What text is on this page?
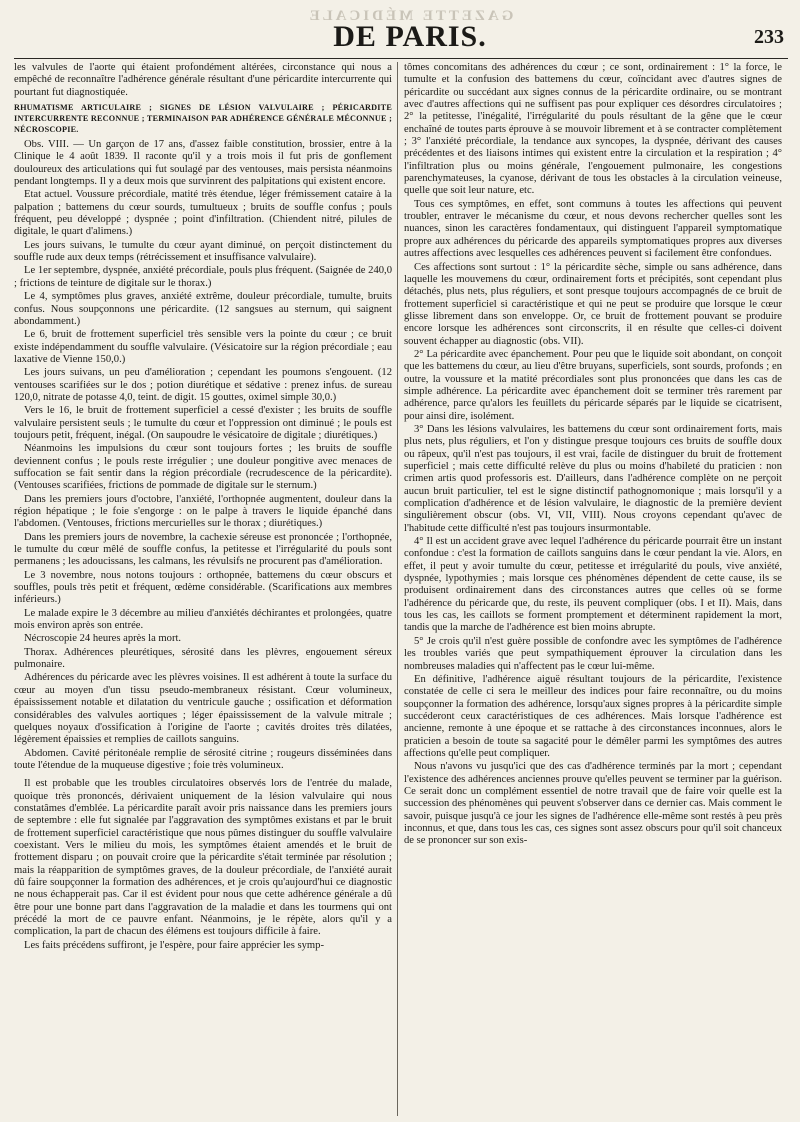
GAZETTE MÉDICALE
DE PARIS.	233

les valvules de l'aorte qui étaient profondément altérées, circonstance qui nous a empêché de reconnaître l'adhérence générale résultant d'une péricardite intercurrente qui pourtant fut diagnostiquée.

RHUMATISME ARTICULAIRE ; SIGNES DE LÉSION VALVULAIRE ; PÉRICARDITE INTERCURRENTE RECONNUE ; TERMINAISON PAR ADHÉRENCE GÉNÉRALE MÉCONNUE ; NÉCROSCOPIE.

Obs. VIII. — Un garçon de 17 ans, d'assez faible constitution, brossier, entre à la Clinique le 4 août 1839. Il raconte qu'il y a trois mois il fut pris de gonflement douloureux des articulations qui fut soulagé par des ventouses, mais persista néanmoins pendant longtemps. Il y a deux mois que survinrent des palpitations qui existent encore.

Etat actuel. Voussure précordiale, matité très étendue, léger frémissement cataire à la palpation ; battemens du cœur sourds, tumultueux ; bruits de souffle confus ; pouls fréquent, peu développé ; dyspnée ; point d'infiltration. (Chiendent nitré, pilules de digitale, le quart d'alimens.)

Les jours suivans, le tumulte du cœur ayant diminué, on perçoit distinctement du souffle rude aux deux temps (rétrécissement et insuffisance valvulaire).

Le 1er septembre, dyspnée, anxiété précordiale, pouls plus fréquent. (Saignée de 240,0 ; frictions de teinture de digitale sur le thorax.)

Le 4, symptômes plus graves, anxiété extrême, douleur précordiale, tumulte, bruits confus. Nous soupçonnons une péricardite. (12 sangsues au sternum, qui saignent abondamment.)

Le 6, bruit de frottement superficiel très sensible vers la pointe du cœur ; ce bruit existe indépendamment du souffle valvulaire. (Vésicatoire sur la région précordiale ; eau laxative de Vienne 150,0.)

Les jours suivans, un peu d'amélioration ; cependant les poumons s'engouent. (12 ventouses scarifiées sur le dos ; potion diurétique et sédative : prenez infus. de sureau 120,0, nitrate de potasse 4,0, teint. de digit. 15 gouttes, oximel simple 30,0.)

Vers le 16, le bruit de frottement superficiel a cessé d'exister ; les bruits de souffle valvulaire persistent seuls ; le tumulte du cœur et l'oppression ont diminué ; le pouls est toujours petit, fréquent, inégal. (On saupoudre le vésicatoire de digitale ; diurétiques.)

Néanmoins les impulsions du cœur sont toujours fortes ; les bruits de souffle deviennent confus ; le pouls reste irrégulier ; une douleur pongitive avec menaces de suffocation se fait sentir dans la région précordiale (recrudescence de la péricardite). (Ventouses scarifiées, frictions de pommade de digitale sur le sternum.)

Dans les premiers jours d'octobre, l'anxiété, l'orthopnée augmentent, douleur dans la région hépatique ; le foie s'engorge : on le palpe à travers le liquide épanché dans l'abdomen. (Ventouses, frictions mercurielles sur le thorax ; diurétiques.)

Dans les premiers jours de novembre, la cachexie séreuse est prononcée ; l'orthopnée, le tumulte du cœur mêlé de souffle confus, la petitesse et l'irrégularité du pouls sont permanens ; les adoucissans, les calmans, les révulsifs ne procurent pas d'amélioration.

Le 3 novembre, nous notons toujours : orthopnée, battemens du cœur obscurs et souffles, pouls très petit et fréquent, œdème considérable. (Scarifications aux membres inférieurs.)

Le malade expire le 3 décembre au milieu d'anxiétés déchirantes et prolongées, quatre mois environ après son entrée.

Nécroscopie 24 heures après la mort.

Thorax. Adhérences pleurétiques, sérosité dans les plèvres, engouement séreux pulmonaire.

Adhérences du péricarde avec les plèvres voisines. Il est adhérent à toute la surface du cœur au moyen d'un tissu pseudo-membraneux résistant. Cœur volumineux, épaississement notable et dilatation du ventricule gauche ; ossification et déformation considérables des valvules aortiques ; léger épaississement de la valvule mitrale ; quelques noyaux d'ossification à l'origine de l'aorte ; cavités droites très dilatées, légèrement épaissies et remplies de caillots sanguins.

Abdomen. Cavité péritonéale remplie de sérosité citrine ; rougeurs disséminées dans toute l'étendue de la muqueuse digestive ; foie très volumineux.

Il est probable que les troubles circulatoires observés lors de l'entrée du malade, quoique très prononcés, dérivaient uniquement de la lésion valvulaire qui nous constatâmes d'emblée. La péricardite paraît avoir pris naissance dans les premiers jours de septembre : elle fut signalée par l'aggravation des symptômes existans et par le bruit de frottement superficiel caractéristique que nous pûmes distinguer du souffle valvulaire coexistant. Vers le milieu du mois, les symptômes étaient amendés et le bruit de frottement disparu ; on pouvait croire que la péricardite s'était terminée par résolution ; mais la réapparition de symptômes graves, de la douleur précordiale, de l'anxiété aurait dû faire soupçonner la formation des adhérences, et je crois qu'aujourd'hui ce diagnostic ne nous échapperait pas. Car il est évident pour nous que cette adhérence générale a dû être pour une bonne part dans l'aggravation de la maladie et dans les tourmens qui ont précédé la mort de ce pauvre enfant. Néanmoins, je le répète, alors qu'il y a complication, la part de chacun des élémens est toujours difficile à faire.

Les faits précédens suffiront, je l'espère, pour faire apprécier les symp-

tômes concomitans des adhérences du cœur ; ce sont, ordinairement : 1° la force, le tumulte et la confusion des battemens du cœur, coïncidant avec d'autres signes de péricardite ou succédant aux signes connus de la péricardite ordinaire, ou se montrant avec d'autres affections qui ne suffisent pas pour expliquer ces désordres circulatoires ; 2° la petitesse, l'inégalité, l'irrégularité du pouls résultant de la gêne que le cœur enchaîné de toutes parts éprouve à se mouvoir librement et à se contracter complètement ; 3° l'anxiété précordiale, la tendance aux syncopes, la dyspnée, dérivant des causes précédentes et des liaisons intimes qui existent entre la circulation et la respiration ; 4° l'infiltration plus ou moins générale, l'engouement pulmonaire, les congestions parenchymateuses, la cyanose, dérivant de tous les obstacles à la circulation veineuse, quelle que soit leur nature, etc.

Tous ces symptômes, en effet, sont communs à toutes les affections qui peuvent troubler, entraver le mécanisme du cœur, et nous devons rechercher quelles sont les nuances, sinon les caractères fondamentaux, qui distinguent l'appareil symptomatique propre aux adhérences du péricarde des appareils symptomatiques propres aux diverses autres affections avec lesquelles ces adhérences peuvent si facilement être confondues.

Ces affections sont surtout : 1° la péricardite sèche, simple ou sans adhérence, dans laquelle les mouvemens du cœur, ordinairement forts et précipités, sont cependant plus détachés, plus nets, plus réguliers, et sont presque toujours accompagnés de ce bruit de frottement superficiel si caractéristique et qui ne peut se produire que lorsque le cœur glisse librement dans son enveloppe. Or, ce bruit de frottement pouvant se produire encore lorsque les adhérences sont circonscrits, il en résulte que celles-ci doivent souvent échapper au diagnostic (obs. VII).

2° La péricardite avec épanchement. Pour peu que le liquide soit abondant, on conçoit que les battemens du cœur, au lieu d'être bruyans, superficiels, sont sourds, profonds ; en outre, la voussure et la matité précordiales sont plus prononcées que dans les cas de simple adhérence. La péricardite avec épanchement doit se terminer très rarement par adhérence, parce qu'alors les feuillets du péricarde séparés par le liquide se cicatrisent, pour ainsi dire, isolément.

3° Dans les lésions valvulaires, les battemens du cœur sont ordinairement forts, mais plus nets, plus réguliers, et l'on y distingue presque toujours ces bruits de souffle doux ou râpeux, qu'il n'est pas toujours, il est vrai, facile de distinguer du bruit de frottement superficiel ; mais cette difficulté relève du plus ou moins d'habileté du praticien : non crimen artis quod professoris est. D'ailleurs, dans l'adhérence complète on ne perçoit aucun bruit particulier, tel est le signe distinctif pathognomonique ; mais lorsqu'il y a complication d'adhérence et de lésion valvulaire, le diagnostic de la première devient singulièrement obscur (obs. VI, VII, VIII). Nous croyons cependant qu'avec de l'habitude cette difficulté n'est pas toujours insurmontable.

4° Il est un accident grave avec lequel l'adhérence du péricarde pourrait être un instant confondue : c'est la formation de caillots sanguins dans le cœur pendant la vie. Alors, en effet, il peut y avoir tumulte du cœur, petitesse et irrégularité du pouls, vive anxiété, dyspnée, lypothymies ; mais lorsque ces phénomènes dépendent de cette cause, ils se produisent ordinairement dans des circonstances autres que celles où se forme l'adhérence du péricarde que, du reste, ils peuvent compliquer (obs. I et II). Mais, dans tous les cas, les caillots se forment promptement et déterminent rapidement la mort, tandis que la marche de l'adhérence est bien moins abrupte.

5° Je crois qu'il n'est guère possible de confondre avec les symptômes de l'adhérence les troubles variés que peut sympathiquement éprouver la circulation dans les nombreuses maladies qui n'affectent pas le cœur lui-même.

En définitive, l'adhérence aiguë résultant toujours de la péricardite, l'existence constatée de celle ci sera le meilleur des indices pour faire reconnaître, ou du moins soupçonner la formation des adhérence, lorsqu'aux signes propres à la péricardite simple succéderont ceux caractéristiques de ces adhérences. Mais lorsque l'adhérence est ancienne, remonte à une époque et se rattache à des circonstances inconnues, alors le praticien a besoin de toute sa sagacité pour le démêler parmi les symptômes des autres affections qu'elle peut compliquer.

Nous n'avons vu jusqu'ici que des cas d'adhérence terminés par la mort ; cependant l'existence des adhérences anciennes prouve qu'elles peuvent se terminer par la guérison. Ce serait donc un complément essentiel de notre travail que de faire voir quelle est la succession des phénomènes qui peuvent s'observer dans ce dernier cas. Mais comment le savoir, puisque jusqu'à ce jour les signes de l'adhérence elle-même sont restés à peu près inconnus, et que, dans tous les cas, ces signes sont assez obscurs pour qu'il soit chanceux de se prononcer sur son exis-
